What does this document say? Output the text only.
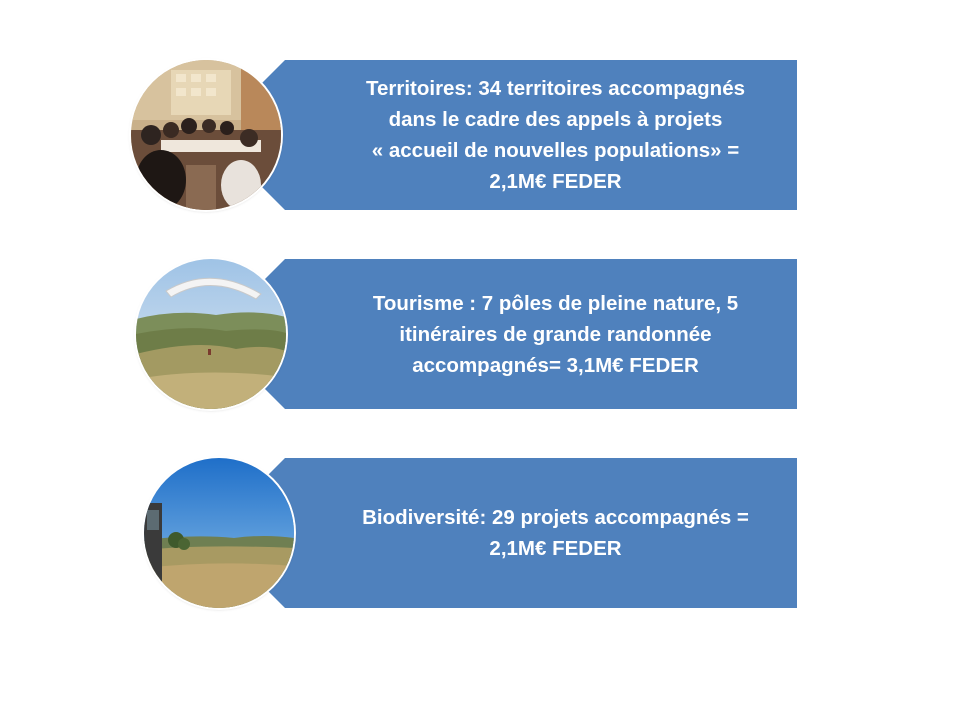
Territoires: 34 territoires accompagnés
dans le cadre des appels à projets
« accueil de nouvelles populations» =
2,1M€ FEDER
Tourisme : 7 pôles de pleine nature, 5
itinéraires de grande randonnée
accompagnés= 3,1M€ FEDER
Biodiversité: 29 projets accompagnés =
2,1M€ FEDER
